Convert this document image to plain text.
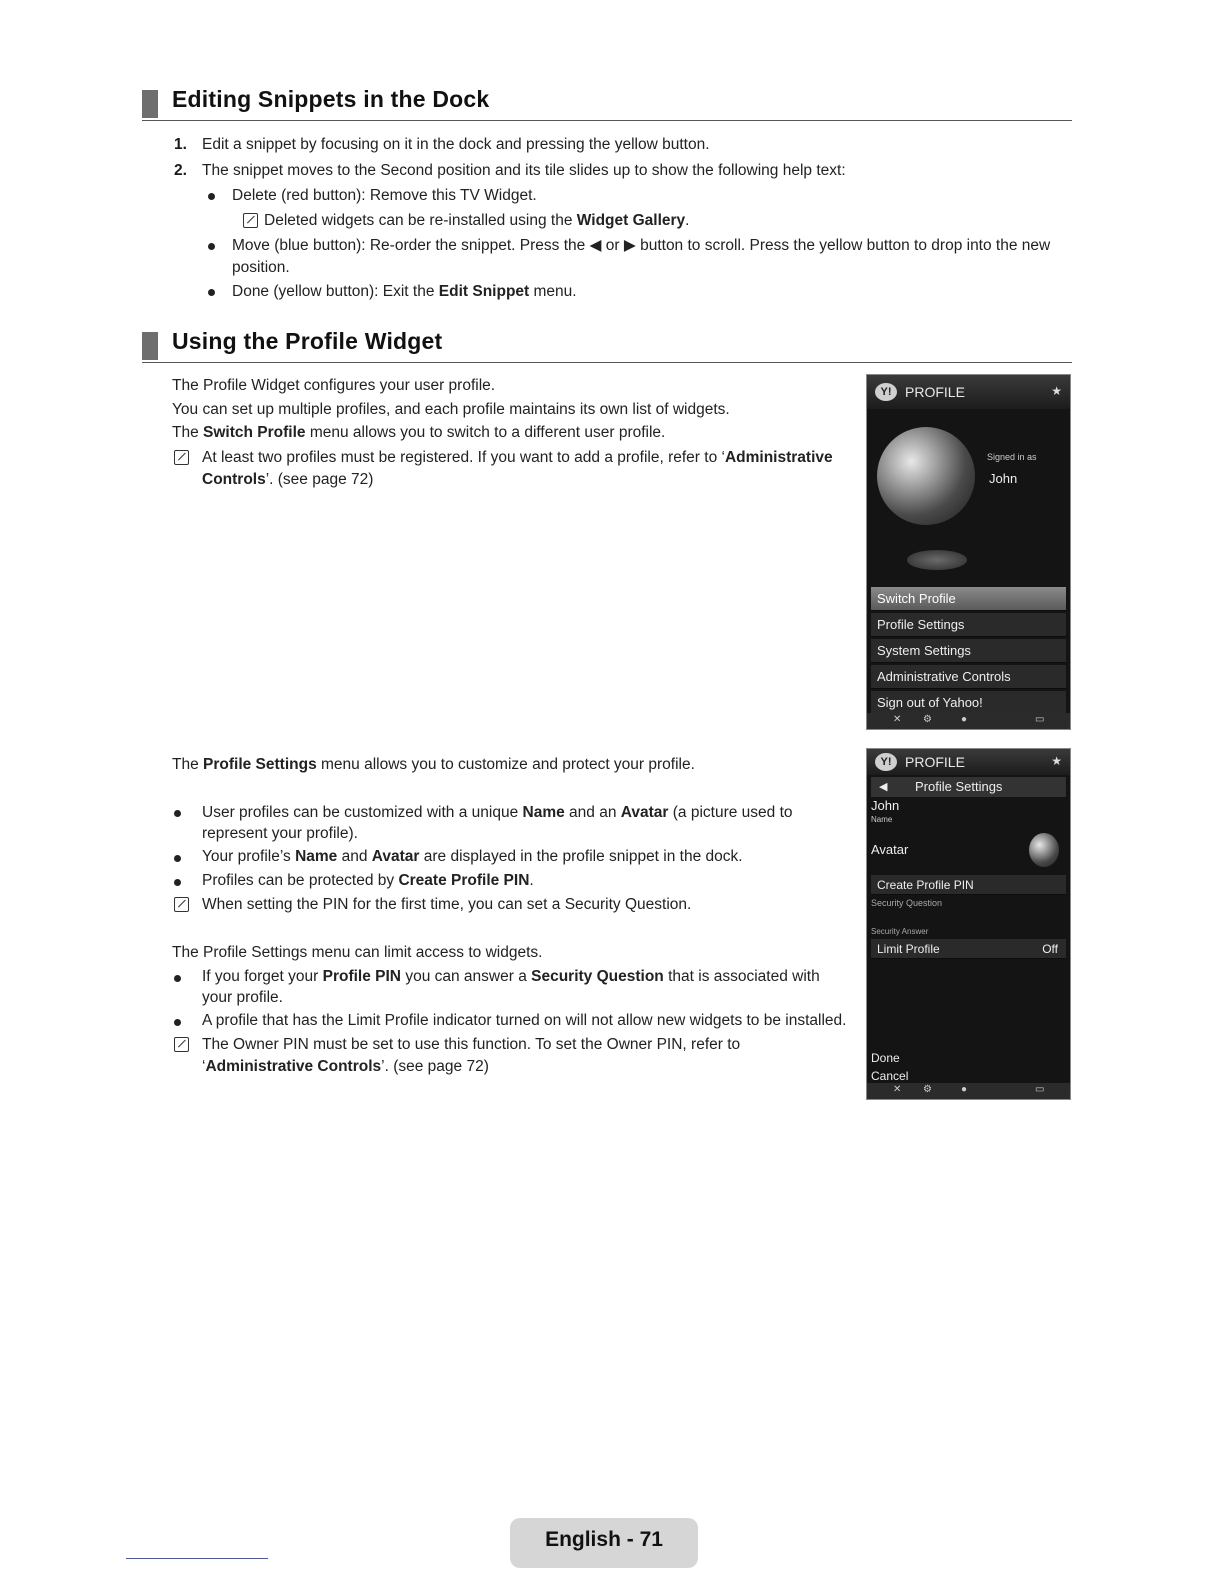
Editing Snippets in the Dock
1. Edit a snippet by focusing on it in the dock and pressing the yellow button.
2. The snippet moves to the Second position and its tile slides up to show the following help text:
Delete (red button): Remove this TV Widget.
Deleted widgets can be re-installed using the Widget Gallery.
Move (blue button): Re-order the snippet. Press the ◀ or ▶ button to scroll. Press the yellow button to drop into the new
position.
Done (yellow button): Exit the Edit Snippet menu.
Using the Profile Widget
The Profile Widget configures your user profile.
You can set up multiple profiles, and each profile maintains its own list of widgets.
The Switch Profile menu allows you to switch to a different user profile.
At least two profiles must be registered. If you want to add a profile, refer to ‘Administrative
Controls’. (see page 72)
Y! PROFILE	★
Signed in as
John
Switch Profile
Profile Settings
System Settings
Administrative Controls
Sign out of Yahoo!
✕ ⚙	●	▭
The Profile Settings menu allows you to customize and protect your profile.
User profiles can be customized with a unique Name and an Avatar (a picture used to
represent your profile).
Your profile’s Name and Avatar are displayed in the profile snippet in the dock.
Profiles can be protected by Create Profile PIN.
When setting the PIN for the first time, you can set a Security Question.
The Profile Settings menu can limit access to widgets.
If you forget your Profile PIN you can answer a Security Question that is associated with
your profile.
A profile that has the Limit Profile indicator turned on will not allow new widgets to be installed.
The Owner PIN must be set to use this function. To set the Owner PIN, refer to
‘Administrative Controls’. (see page 72)
Y! PROFILE	★
◀ Profile Settings
John
Name
Avatar
Create Profile PIN
Security Question
Security Answer
Limit Profile	Off
Done
Cancel
✕ ⚙	●	▭
English - 71
